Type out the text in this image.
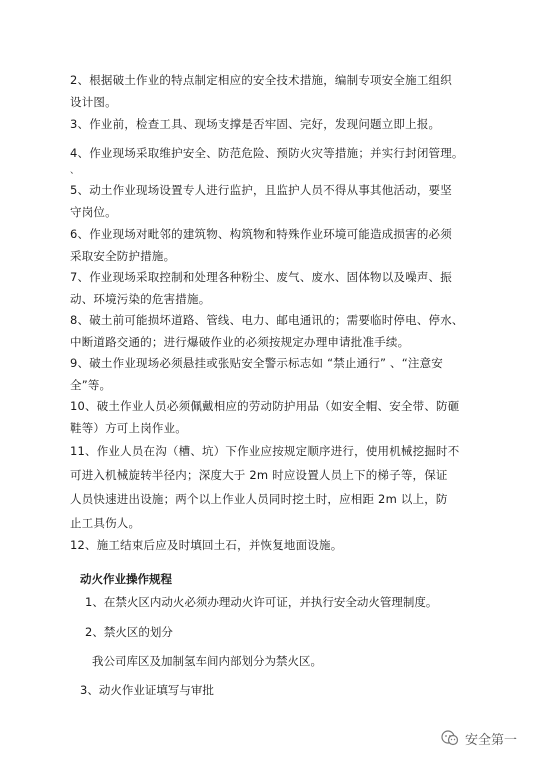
2、根据破土作业的特点制定相应的安全技术措施，编制专项安全施工组织
设计图。
3、作业前，检查工具、现场支撑是否牢固、完好，发现问题立即上报。
4、作业现场采取维护安全、防范危险、预防火灾等措施；并实行封闭管理。
、
5、动土作业现场设置专人进行监护，且监护人员不得从事其他活动，要坚
守岗位。
6、作业现场对毗邻的建筑物、构筑物和特殊作业环境可能造成损害的必须
采取安全防护措施。
7、作业现场采取控制和处理各种粉尘、废气、废水、固体物以及噪声、振
动、环境污染的危害措施。
8、破土前可能损坏道路、管线、电力、邮电通讯的；需要临时停电、停水、
中断道路交通的；进行爆破作业的必须按规定办理申请批准手续。
9、破土作业现场必须悬挂或张贴安全警示标志如 “禁止通行” 、“注意安
全”等。
10、破土作业人员必须佩戴相应的劳动防护用品（如安全帽、安全带、防砸
鞋等）方可上岗作业。
11、作业人员在沟（槽、坑）下作业应按规定顺序进行，使用机械挖掘时不
可进入机械旋转半径内；深度大于 2m 时应设置人员上下的梯子等，保证
人员快速进出设施；两个以上作业人员同时挖土时，应相距 2m 以上，防
止工具伤人。
12、施工结束后应及时填回土石，并恢复地面设施。
动火作业操作规程
1、在禁火区内动火必须办理动火许可证，并执行安全动火管理制度。
2、禁火区的划分
我公司库区及加制氢车间内部划分为禁火区。
3、动火作业证填写与审批
安全第一
